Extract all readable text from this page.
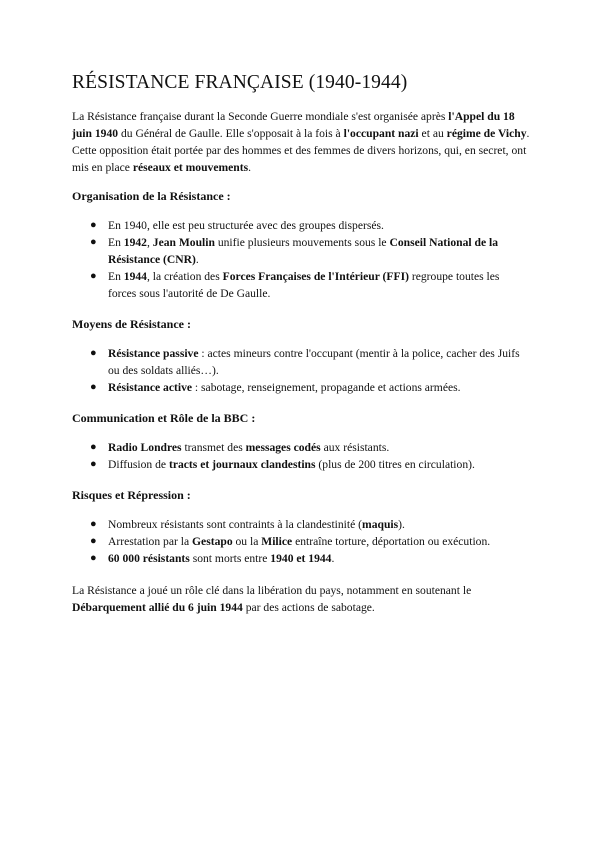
RÉSISTANCE FRANÇAISE (1940-1944)

La Résistance française durant la Seconde Guerre mondiale s'est organisée après l'Appel du 18 juin 1940 du Général de Gaulle. Elle s'opposait à la fois à l'occupant nazi et au régime de Vichy. Cette opposition était portée par des hommes et des femmes de divers horizons, qui, en secret, ont mis en place réseaux et mouvements.

Organisation de la Résistance :
● En 1940, elle est peu structurée avec des groupes dispersés.
● En 1942, Jean Moulin unifie plusieurs mouvements sous le Conseil National de la Résistance (CNR).
● En 1944, la création des Forces Françaises de l'Intérieur (FFI) regroupe toutes les forces sous l'autorité de De Gaulle.
Moyens de Résistance :
● Résistance passive : actes mineurs contre l'occupant (mentir à la police, cacher des Juifs ou des soldats alliés…).
● Résistance active : sabotage, renseignement, propagande et actions armées.
Communication et Rôle de la BBC :
● Radio Londres transmet des messages codés aux résistants.
● Diffusion de tracts et journaux clandestins (plus de 200 titres en circulation).
Risques et Répression :
● Nombreux résistants sont contraints à la clandestinité (maquis).
● Arrestation par la Gestapo ou la Milice entraîne torture, déportation ou exécution.
● 60 000 résistants sont morts entre 1940 et 1944.

La Résistance a joué un rôle clé dans la libération du pays, notamment en soutenant le Débarquement allié du 6 juin 1944 par des actions de sabotage.
